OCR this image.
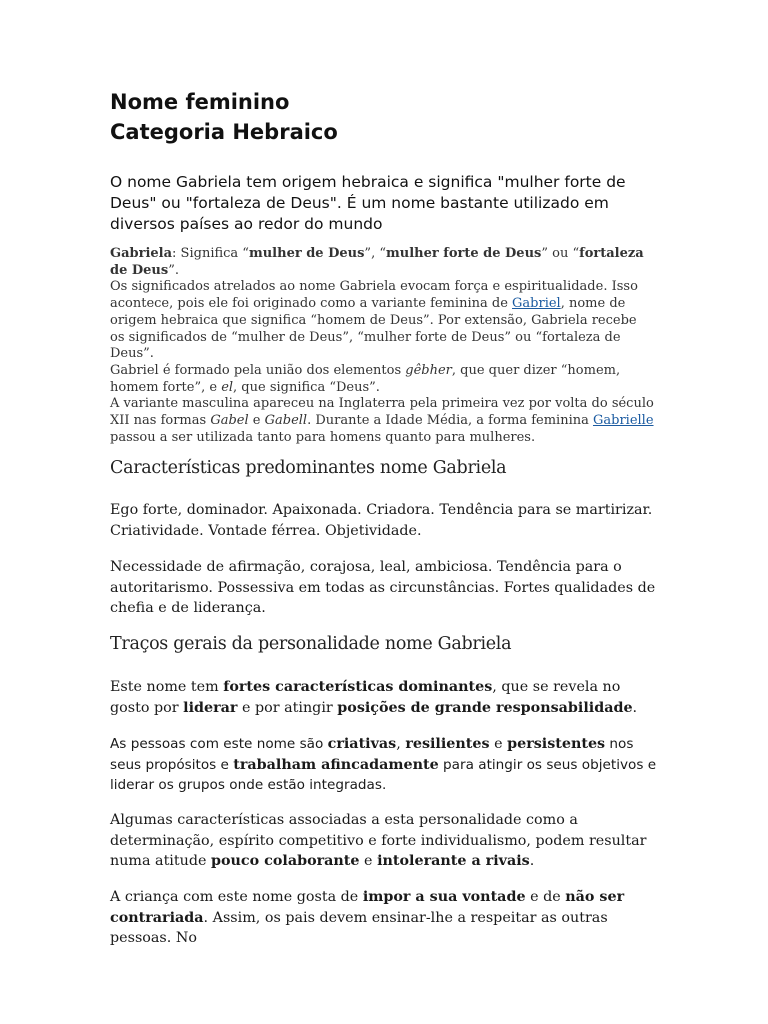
Nome feminino
Categoria Hebraico

O nome Gabriela tem origem hebraica e significa "mulher forte de Deus" ou "fortaleza de Deus". É um nome bastante utilizado em diversos países ao redor do mundo

Gabriela: Significa “mulher de Deus”, “mulher forte de Deus” ou “fortaleza de Deus”.
Os significados atrelados ao nome Gabriela evocam força e espiritualidade. Isso acontece, pois ele foi originado como a variante feminina de Gabriel, nome de origem hebraica que significa “homem de Deus”. Por extensão, Gabriela recebe os significados de “mulher de Deus”, “mulher forte de Deus” ou “fortaleza de Deus”.
Gabriel é formado pela união dos elementos gêbher, que quer dizer “homem, homem forte”, e el, que significa “Deus”.
A variante masculina apareceu na Inglaterra pela primeira vez por volta do século XII nas formas Gabel e Gabell. Durante a Idade Média, a forma feminina Gabrielle passou a ser utilizada tanto para homens quanto para mulheres.
Características predominantes nome Gabriela

Ego forte, dominador. Apaixonada. Criadora. Tendência para se martirizar. Criatividade. Vontade férrea. Objetividade.

Necessidade de afirmação, corajosa, leal, ambiciosa. Tendência para o autoritarismo. Possessiva em todas as circunstâncias. Fortes qualidades de chefia e de liderança.

Traços gerais da personalidade nome Gabriela

Este nome tem fortes características dominantes, que se revela no gosto por liderar e por atingir posições de grande responsabilidade.

As pessoas com este nome são criativas, resilientes e persistentes nos seus propósitos e trabalham afincadamente para atingir os seus objetivos e liderar os grupos onde estão integradas.

Algumas características associadas a esta personalidade como a determinação, espírito competitivo e forte individualismo, podem resultar numa atitude pouco colaborante e intolerante a rivais.

A criança com este nome gosta de impor a sua vontade e de não ser contrariada. Assim, os pais devem ensinar-lhe a respeitar as outras pessoas. No
